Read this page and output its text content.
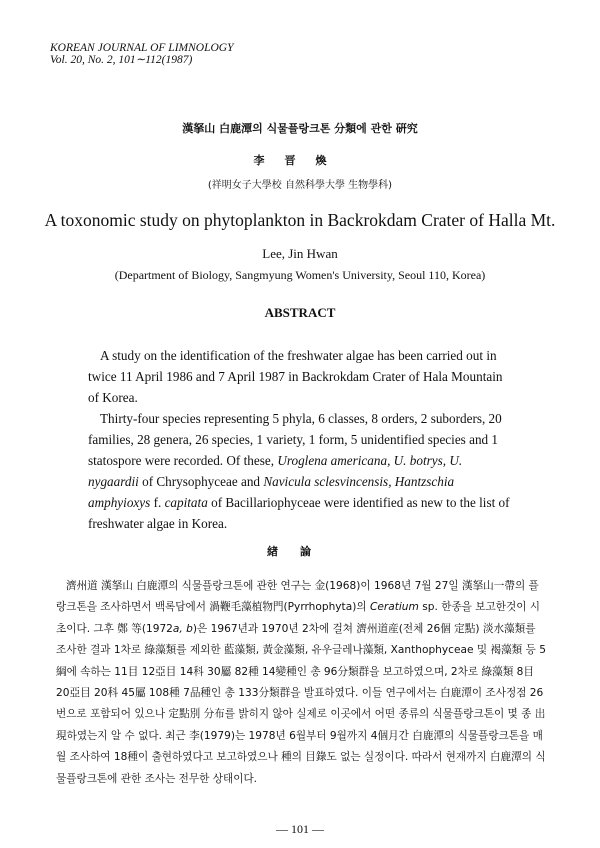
KOREAN JOURNAL OF LIMNOLOGY
Vol. 20, No. 2, 101∼112(1987)
漢拏山 白鹿潭의 식물플랑크톤 分類에 관한 硏究
李晋煥
(祥明女子大學校 自然科學大學 生物學科)
A toxonomic study on phytoplankton in Backrokdam Crater of Halla Mt.
Lee, Jin Hwan
(Department of Biology, Sangmyung Women's University, Seoul 110, Korea)
ABSTRACT

A study on the identification of the freshwater algae has been carried out in twice 11 April 1986 and 7 April 1987 in Backrokdam Crater of Hala Mountain of Korea.

Thirty-four species representing 5 phyla, 6 classes, 8 orders, 2 suborders, 20 families, 28 genera, 26 species, 1 variety, 1 form, 5 unidentified species and 1 statospore were recorded. Of these, Uroglena americana, U. botrys, U. nygaardii of Chrysophyceae and Navicula sclesvincensis, Hantzschia amphyioxys f. capitata of Bacillariophyceae were identified as new to the list of freshwater algae in Korea.

緖論

濟州道 漢拏山 白鹿潭의 식물플랑크톤에 관한 연구는 金(1968)이 1968년 7월 27일 漢拏山一帶의 플랑크톤을 조사하면서 백록담에서 渦鞭毛藻植物門(Pyrrhophyta)의 Ceratium sp. 한종을 보고한것이 시초이다. 그후 鄭 等(1972a, b)은 1967년과 1970년 2차에 걸쳐 濟州道産(전체 26個 定點) 淡水藻類를 조사한 결과 1차로 綠藻類를 제외한 藍藻類, 黃金藻類, 유우글레나藻類, Xanthophyceae 및 褐藻類 등 5綱에 속하는 11目 12亞目 14科 30屬 82種 14變種인 총 96分類群을 보고하였으며, 2차로 綠藻類 8目 20亞目 20科 45屬 108種 7品種인 총 133分類群을 발표하였다. 이들 연구에서는 白鹿潭이 조사정점 26번으로 포함되어 있으나 定點別 分布를 밝히지 않아 실제로 이곳에서 어떤 종류의 식물플랑크톤이 몇 종 出現하였는지 알 수 없다. 최근 李(1979)는 1978년 6월부터 9월까지 4個月간 白鹿潭의 식물플랑크톤을 매월 조사하여 18種이 출현하였다고 보고하였으나 種의 目錄도 없는 실정이다. 따라서 현재까지 白鹿潭의 식물플랑크톤에 관한 조사는 전무한 상태이다.

— 101 —
